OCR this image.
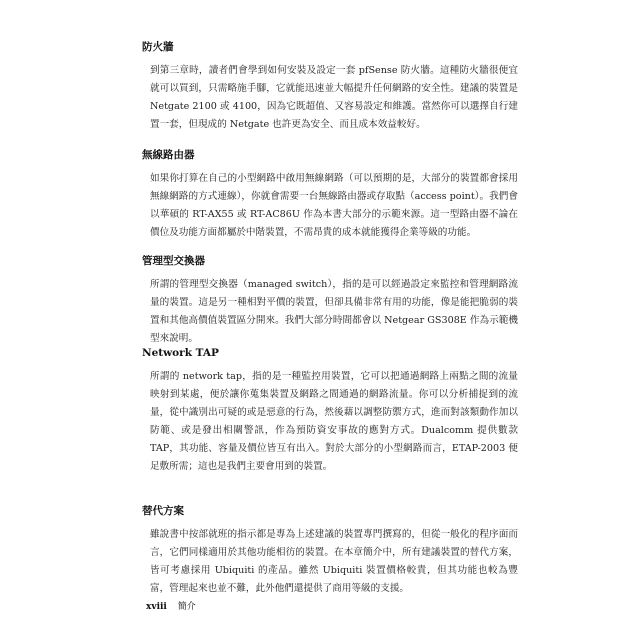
防火牆

到第三章時，讀者們會學到如何安裝及設定一套 pfSense 防火牆。這種防火牆很便宜就可以買到，只需略施手腳，它就能迅速並大幅提升任何網路的安全性。建議的裝置是 Netgate 2100 或 4100，因為它既超值、又容易設定和維護。當然你可以選擇自行建置一套，但現成的 Netgate 也許更為安全、而且成本效益較好。

無線路由器

如果你打算在自己的小型網路中啟用無線網路（可以預期的是，大部分的裝置都會採用無線網路的方式連線），你就會需要一台無線路由器或存取點（access point）。我們會以華碩的 RT-AX55 或 RT-AC86U 作為本書大部分的示範來源。這一型路由器不論在價位及功能方面都屬於中階裝置，不需昂貴的成本就能獲得企業等級的功能。

管理型交換器

所謂的管理型交換器（managed switch），指的是可以經過設定來監控和管理網路流量的裝置。這是另一種相對平價的裝置，但卻具備非常有用的功能，像是能把脆弱的裝置和其他高價值裝置區分開來。我們大部分時間都會以 Netgear GS308E 作為示範機型來說明。

Network TAP

所謂的 network tap，指的是一種監控用裝置，它可以把通過網路上兩點之間的流量映射到某處，便於讓你蒐集裝置及網路之間通過的網路流量。你可以分析捕捉到的流量，從中識別出可疑的或是惡意的行為，然後藉以調整防禦方式，進而對該類動作加以防範、或是發出相關警訊，作為預防資安事故的應對方式。Dualcomm 提供數款 TAP，其功能、容量及價位皆互有出入。對於大部分的小型網路而言，ETAP-2003 便足敷所需；這也是我們主要會用到的裝置。

替代方案

雖說書中按部就班的指示都是專為上述建議的裝置專門撰寫的，但從一般化的程序面而言，它們同樣適用於其他功能相彷的裝置。在本章簡介中，所有建議裝置的替代方案，皆可考慮採用 Ubiquiti 的產品。雖然 Ubiquiti 裝置價格較貴，但其功能也較為豐富，管理起來也並不難，此外他們還提供了商用等級的支援。

xviii 簡介
